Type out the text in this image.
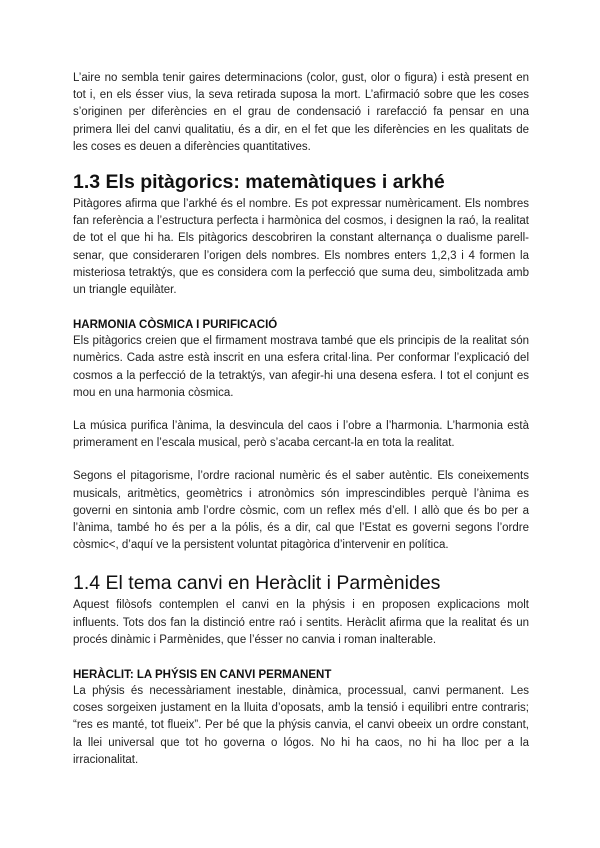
L’aire no sembla tenir gaires determinacions (color, gust, olor o figura) i està present en tot i, en els ésser vius, la seva retirada suposa la mort. L’afirmació sobre que les coses s’originen per diferències en el grau de condensació i rarefacció fa pensar en una primera llei del canvi qualitatiu, és a dir, en el fet que les diferències en les qualitats de les coses es deuen a diferències quantitatives.

1.3 Els pitàgorics: matemàtiques i arkhé

Pitàgores afirma que l’arkhé és el nombre. Es pot expressar numèricament. Els nombres fan referència a l’estructura perfecta i harmònica del cosmos, i designen la raó, la realitat de tot el que hi ha. Els pitàgorics descobriren la constant alternança o dualisme parell-senar, que consideraren l’origen dels nombres. Els nombres enters 1,2,3 i 4 formen la misteriosa tetraktýs, que es considera com la perfecció que suma deu, simbolitzada amb un triangle equilàter.

HARMONIA CÒSMICA I PURIFICACIÓ

Els pitàgorics creien que el firmament mostrava també que els principis de la realitat són numèrics. Cada astre està inscrit en una esfera crital·lina. Per conformar l’explicació del cosmos a la perfecció de la tetraktýs, van afegir-hi una desena esfera. I tot el conjunt es mou en una harmonia còsmica.

La música purifica l’ànima, la desvincula del caos i l’obre a l’harmonia. L’harmonia està primerament en l’escala musical, però s’acaba cercant-la en tota la realitat.

Segons el pitagorisme, l’ordre racional numèric és el saber autèntic. Els coneixements musicals, aritmètics, geomètrics i atronòmics són imprescindibles perquè l’ànima es governi en sintonia amb l’ordre còsmic, com un reflex més d’ell. I allò que és bo per a l’ànima, també ho és per a la pólis, és a dir, cal que l’Estat es governi segons l’ordre còsmic<, d’aquí ve la persistent voluntat pitagòrica d’intervenir en política.

1.4 El tema canvi en Heràclit i Parmènides

Aquest filòsofs contemplen el canvi en la phýsis i en proposen explicacions molt influents. Tots dos fan la distinció entre raó i sentits. Heràclit afirma que la realitat és un procés dinàmic i Parmènides, que l’ésser no canvia i roman inalterable.

HERÀCLIT: LA PHÝSIS EN CANVI PERMANENT

La phýsis és necessàriament inestable, dinàmica, processual, canvi permanent. Les coses sorgeixen justament en la lluita d’oposats, amb la tensió i equilibri entre contraris; “res es manté, tot flueix”. Per bé que la phýsis canvia, el canvi obeeix un ordre constant, la llei universal que tot ho governa o lógos. No hi ha caos, no hi ha lloc per a la irracionalitat.
